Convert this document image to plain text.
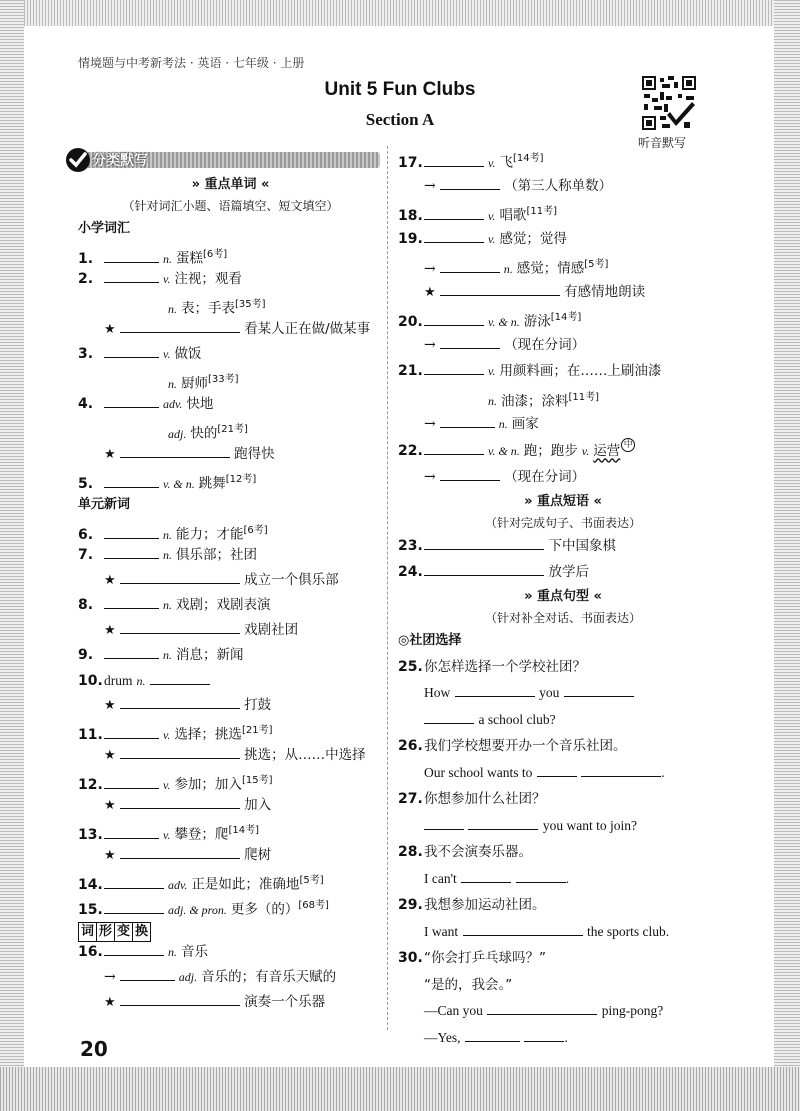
情境题与中考新考法 · 英语 · 七年级 · 上册
Unit 5 Fun Clubs
Section A
听音默写
分类默写
» 重点单词 «
（针对词汇小题、语篇填空、短文填空）
小学词汇
1.	n. 蛋糕[6考]
2.	v. 注视；观看
n. 表；手表[35考]
★	看某人正在做/做某事
3.	v. 做饭
n. 厨师[33考]
4.	adv. 快地
adj. 快的[21考]
★	跑得快
5.	v. & n. 跳舞[12考]
单元新词
6.	n. 能力；才能[6考]
7.	n. 俱乐部；社团
★	成立一个俱乐部
8.	n. 戏剧；戏剧表演
★	戏剧社团
9.	n. 消息；新闻
10.drum n.
★	打鼓
11.	v. 选择；挑选[21考]
★	挑选；从……中选择
12.	v. 参加；加入[15考]
★	加入
13.	v. 攀登；爬[14考]
★	爬树
14.	adv. 正是如此；准确地[5考]
15.	adj. & pron. 更多（的）[68考]
词 形 变 换
16.	n. 音乐
→	adj. 音乐的；有音乐天赋的
★	演奏一个乐器
17.	v. 飞[14考]
→	（第三人称单数）
18.	v. 唱歌[11考]
19.	v. 感觉；觉得
→	n. 感觉；情感[5考]
★	有感情地朗读
20.	v. & n. 游泳[14考]
→	（现在分词）
21.	v. 用颜料画；在……上刷油漆
n. 油漆；涂料[11考]
→	n. 画家
22.	v. & n. 跑；跑步 v. 运营 中
→	（现在分词）
» 重点短语 «
（针对完成句子、书面表达）
23.	下中国象棋
24.	放学后
» 重点句型 «
（针对补全对话、书面表达）
◎社团选择
25.你怎样选择一个学校社团？
How	you
a school club?
26.我们学校想要开办一个音乐社团。
Our school wants to	.
27.你想参加什么社团？
you want to join?
28.我不会演奏乐器。
I can't	.
29.我想参加运动社团。
I want	the sports club.
30.“你会打乒乓球吗？”
“是的，我会。”
—Can you	ping-pong?
—Yes,	.
20
